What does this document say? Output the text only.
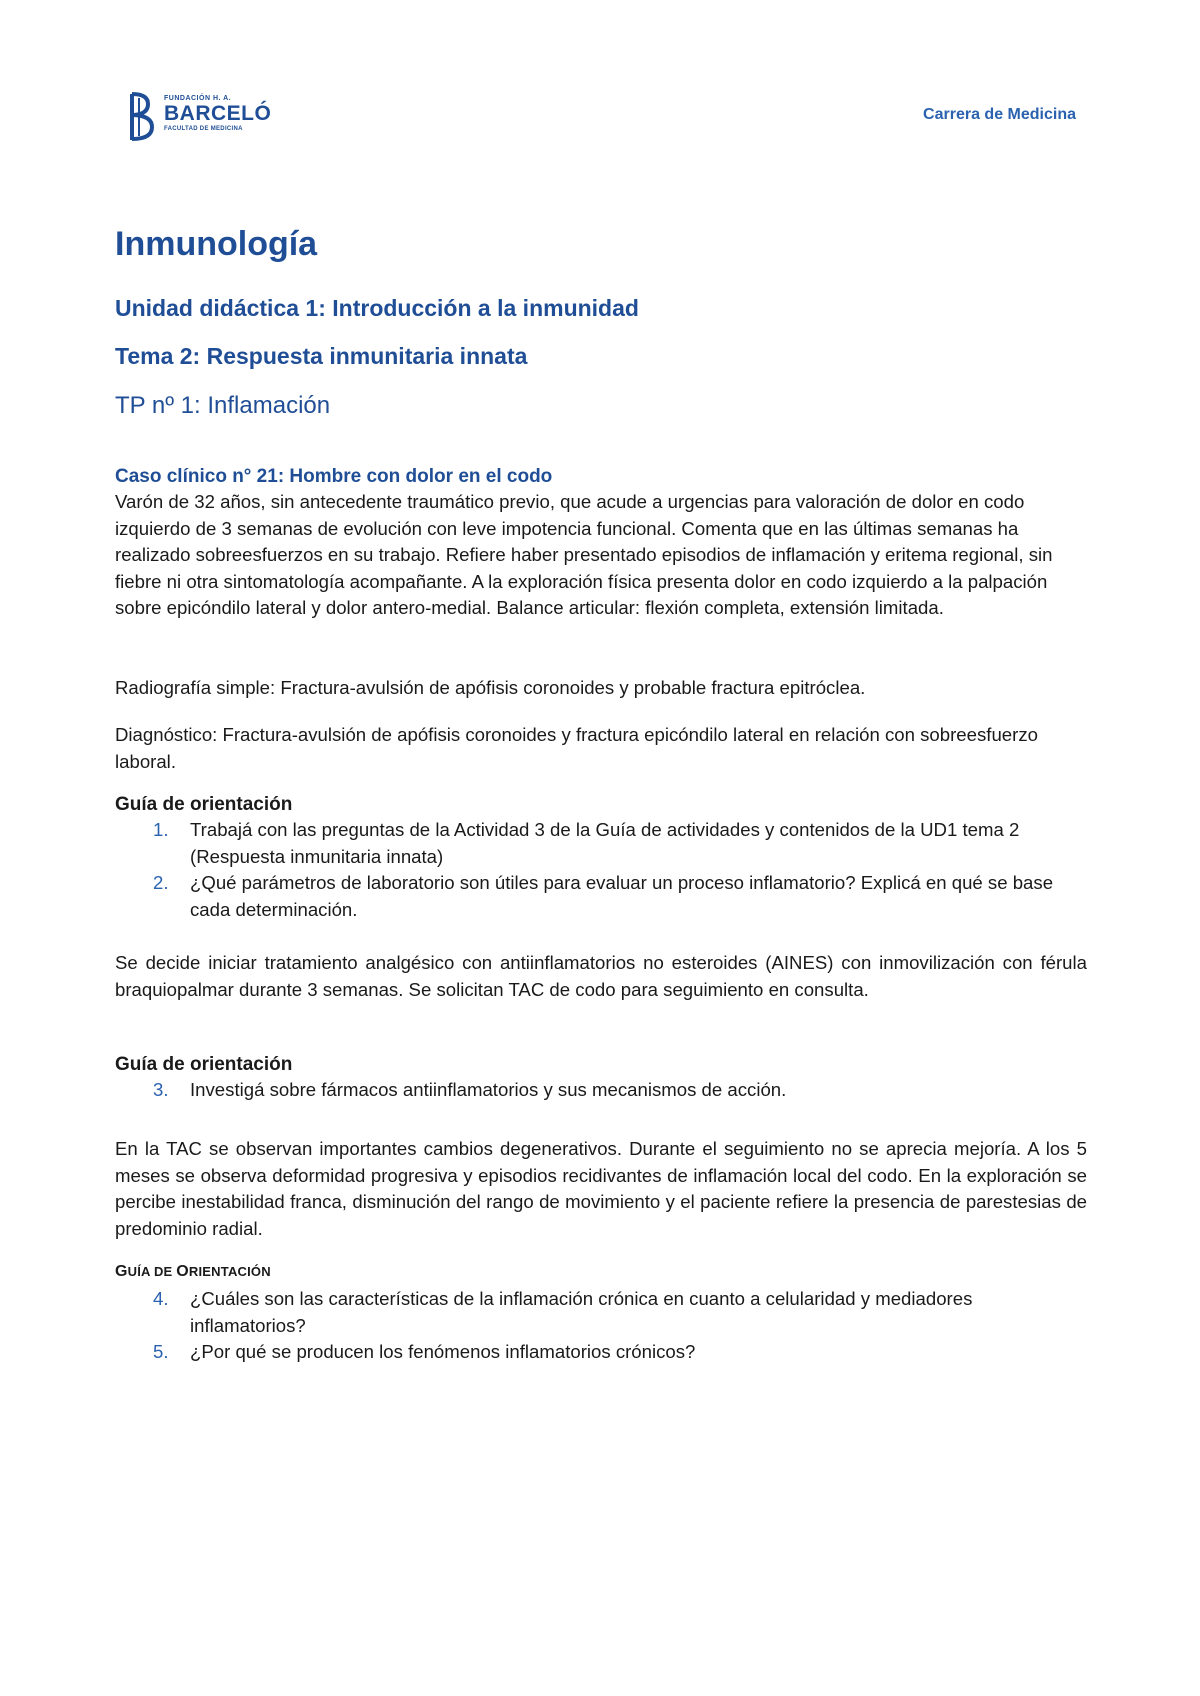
FUNDACIÓN H. A.
BARCELÓ
FACULTAD DE MEDICINA
Carrera de Medicina
Inmunología
Unidad didáctica 1: Introducción a la inmunidad
Tema 2: Respuesta inmunitaria innata
TP nº 1: Inflamación
Caso clínico n° 21: Hombre con dolor en el codo

Varón de 32 años, sin antecedente traumático previo, que acude a urgencias para valoración de dolor en codo izquierdo de 3 semanas de evolución con leve impotencia funcional. Comenta que en las últimas semanas ha realizado sobreesfuerzos en su trabajo. Refiere haber presentado episodios de inflamación y eritema regional, sin fiebre ni otra sintomatología acompañante. A la exploración física presenta dolor en codo izquierdo a la palpación sobre epicóndilo lateral y dolor antero-medial. Balance articular: flexión completa, extensión limitada.

Radiografía simple: Fractura-avulsión de apófisis coronoides y probable fractura epitróclea.

Diagnóstico: Fractura-avulsión de apófisis coronoides y fractura epicóndilo lateral en relación con sobreesfuerzo laboral.

Guía de orientación
1. Trabajá con las preguntas de la Actividad 3 de la Guía de actividades y contenidos de la UD1 tema 2 (Respuesta inmunitaria innata)
2. ¿Qué parámetros de laboratorio son útiles para evaluar un proceso inflamatorio? Explicá en qué se base cada determinación.

Se decide iniciar tratamiento analgésico con antiinflamatorios no esteroides (AINES) con inmovilización con férula braquiopalmar durante 3 semanas. Se solicitan TAC de codo para seguimiento en consulta.

Guía de orientación
3. Investigá sobre fármacos antiinflamatorios y sus mecanismos de acción.

En la TAC se observan importantes cambios degenerativos. Durante el seguimiento no se aprecia mejoría. A los 5 meses se observa deformidad progresiva y episodios recidivantes de inflamación local del codo. En la exploración se percibe inestabilidad franca, disminución del rango de movimiento y el paciente refiere la presencia de parestesias de predominio radial.

GUÍA DE ORIENTACIÓN
4. ¿Cuáles son las características de la inflamación crónica en cuanto a celularidad y mediadores inflamatorios?
5. ¿Por qué se producen los fenómenos inflamatorios crónicos?
